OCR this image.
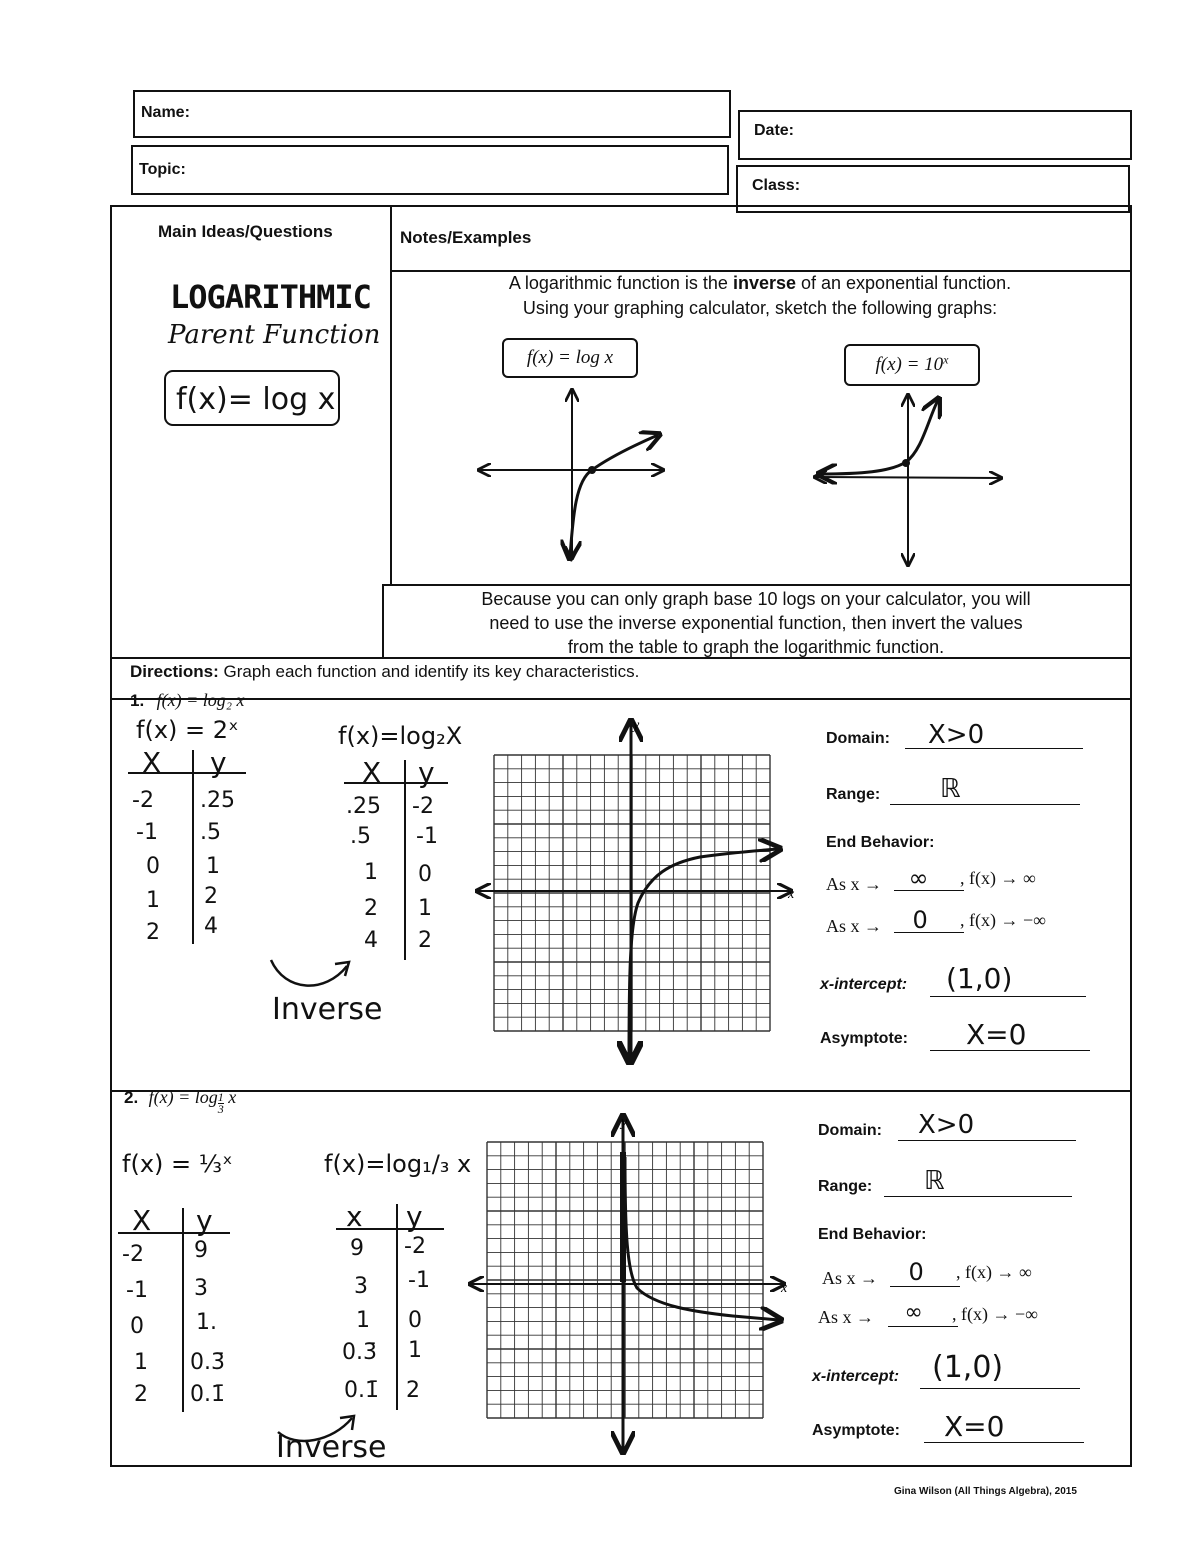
Name:
Topic:
Date:
Class:
Main Ideas/Questions	Notes/Examples
LOGARITHMIC
Parent Function
f(x)= log x
A logarithmic function is the inverse of an exponential function.
Using your graphing calculator, sketch the following graphs:
f(x) = log x	$f(x) = 10^x$
Because you can only graph base 10 logs on your calculator, you will
need to use the inverse exponential function, then invert the values
from the table to graph the logarithmic function.
Directions: Graph each function and identify its key characteristics.
1. f(x) = log₂ x
f(x) = 2ˣ	f(x)=log₂X
X y
-2 .25
-1 .5
0 1
1 2
2 4
X y
.25 -2
.5 -1
1 0
2 1
4 2
Inverse
x
y
Domain: X>0
Range: ℝ
End Behavior:
As x → ∞ , f(x) → ∞
As x → 0 , f(x) → −∞
x-intercept: (1,0)
Asymptote: X=0
2. $f(x) = \log \frac{1}{3}$ x
f(x) = ⅓ˣ	f(x)=log₁/₃ x
X y
-2 9
-1 3
0 1.
1 0.3̄
2 0.1̄
x y
9 -2
3 -1
1 0
0.3̄ 1
0.1̄ 2
Inverse
x
y	Domain: X>0
Range: ℝ
End Behavior:
As x → 0 , f(x) → ∞
As x → ∞ , f(x) → −∞
x-intercept: (1,0)
Asymptote: X=0
Gina Wilson (All Things Algebra), 2015
